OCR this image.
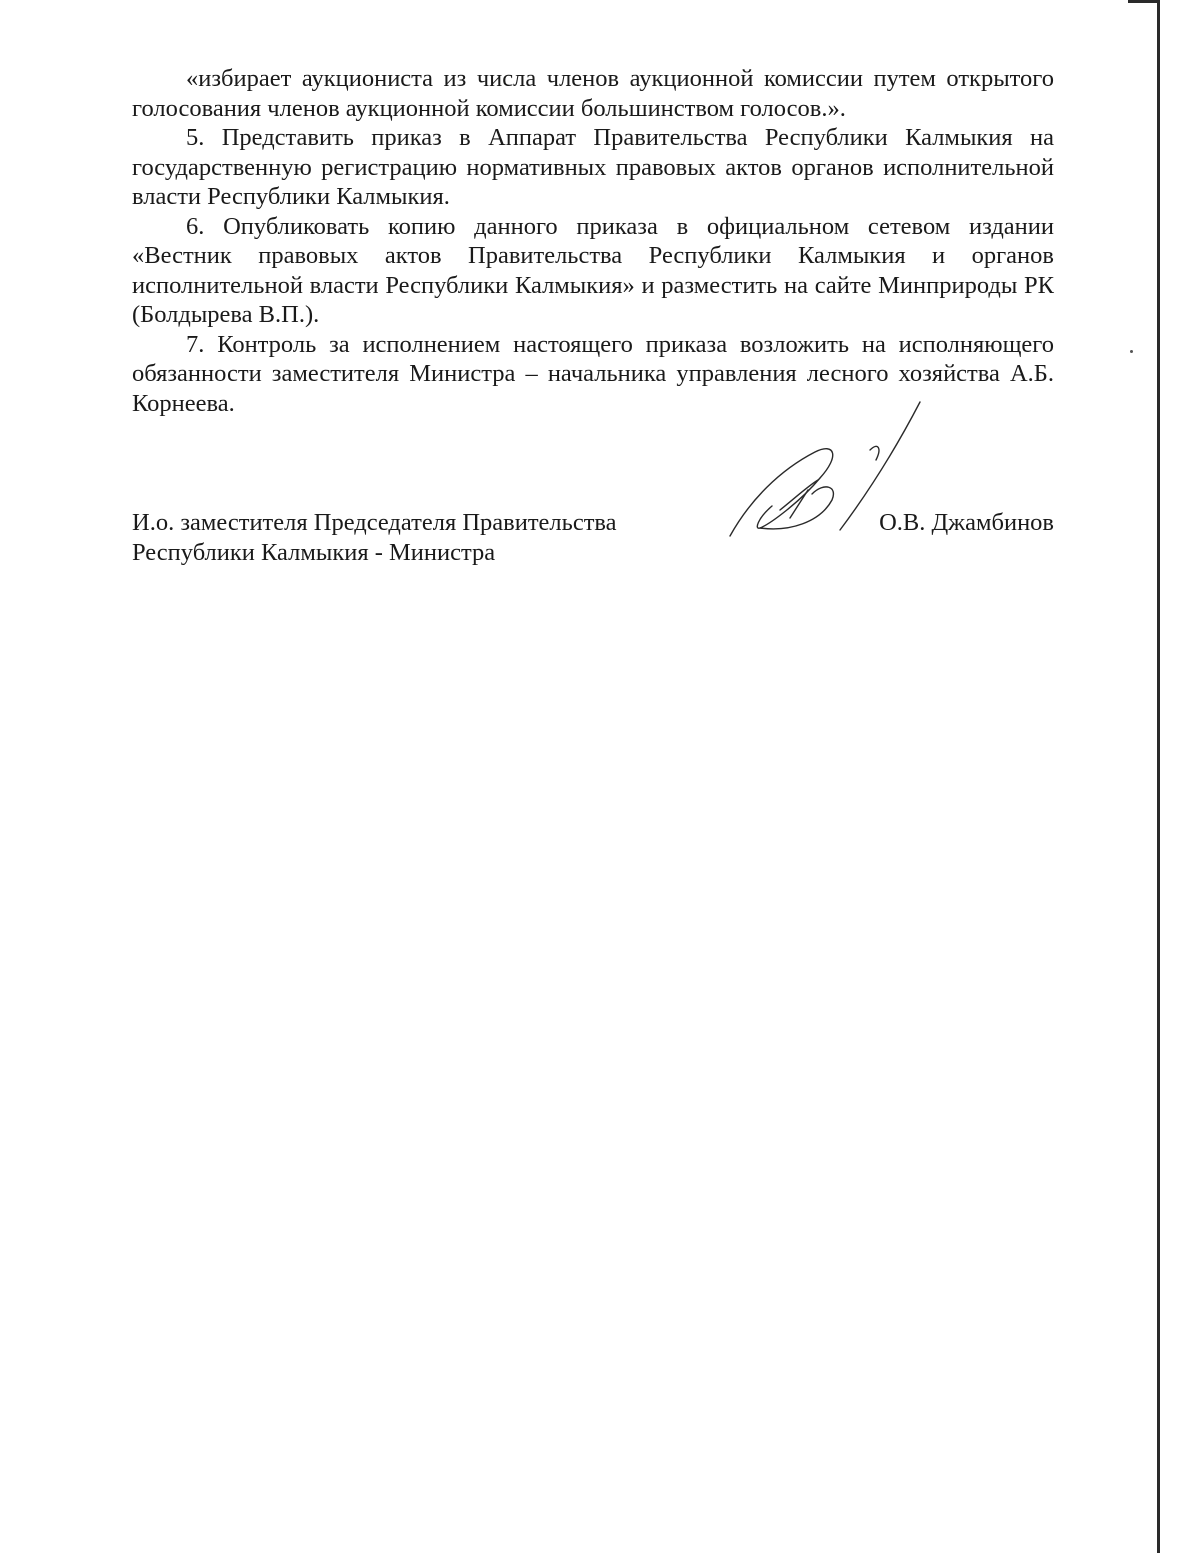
«избирает аукциониста из числа членов аукционной комиссии путем открытого голосования членов аукционной комиссии большинством голосов.».

5. Представить приказ в Аппарат Правительства Республики Калмыкия на государственную регистрацию нормативных правовых актов органов исполнительной власти Республики Калмыкия.

6. Опубликовать копию данного приказа в официальном сетевом издании «Вестник правовых актов Правительства Республики Калмыкия и органов исполнительной власти Республики Калмыкия» и разместить на сайте Минприроды РК (Болдырева В.П.).

7. Контроль за исполнением настоящего приказа возложить на исполняющего обязанности заместителя Министра – начальника управления лесного хозяйства А.Б. Корнеева.

И.о. заместителя Председателя Правительства
Республики Калмыкия - Министра
О.В. Джамбинов
